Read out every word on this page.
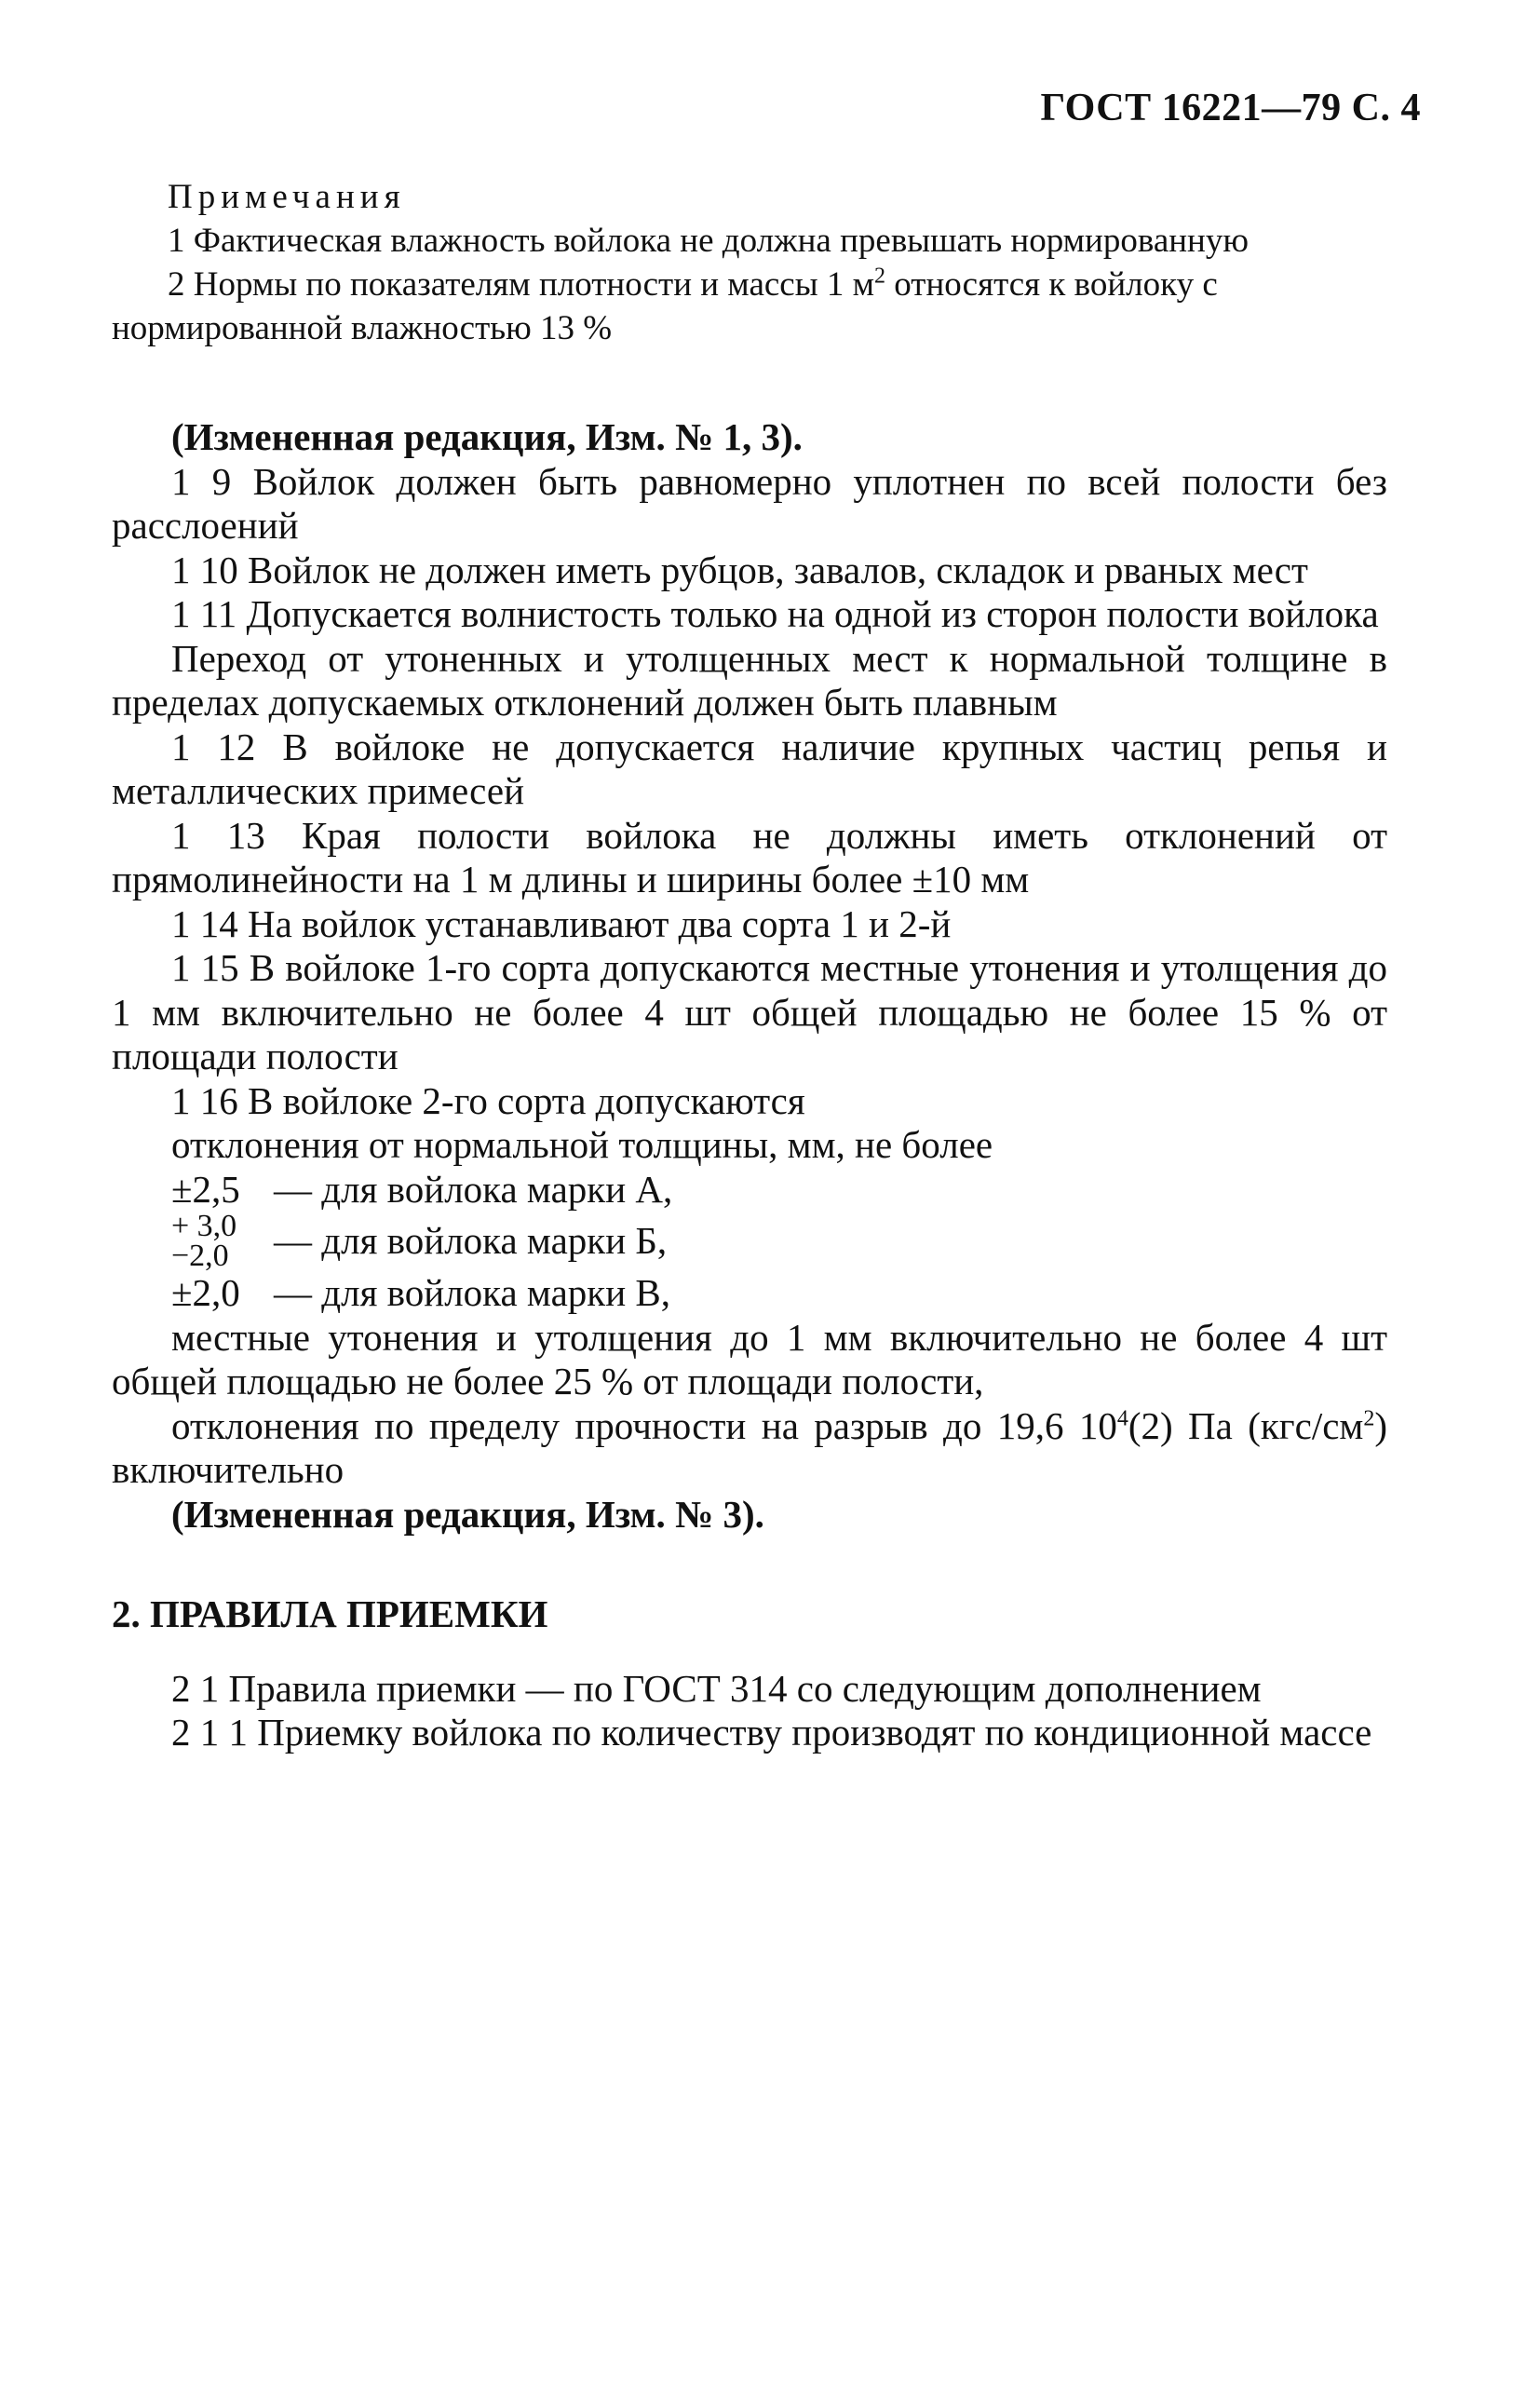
ГОСТ 16221—79 С. 4
Примечания

1 Фактическая влажность войлока не должна превышать нормированную

2 Нормы по показателям плотности и массы 1 $м^2$ относятся к войлоку с нормированной влажностью 13 %

(Измененная редакция, Изм. № 1, 3).

1 9 Войлок должен быть равномерно уплотнен по всей полости без расслоений

1 10 Войлок не должен иметь рубцов, завалов, складок и рваных мест

1 11 Допускается волнистость только на одной из сторон полости войлока

Переход от утоненных и утолщенных мест к нормальной толщине в пределах допускаемых отклонений должен быть плавным

1 12 В войлоке не допускается наличие крупных частиц репья и металлических примесей

1 13 Края полости войлока не должны иметь отклонений от прямолинейности на 1 м длины и ширины более ±10 мм

1 14 На войлок устанавливают два сорта 1 и 2-й

1 15 В войлоке 1-го сорта допускаются местные утонения и утолщения до 1 мм включительно не более 4 шт общей площадью не более 15 % от площади полости

1 16 В войлоке 2-го сорта допускаются

отклонения от нормальной толщины, мм, не более

±2,5 — для войлока марки А,
+ 3,0
−2,0	— для войлока марки Б,
±2,0 — для войлока марки В,

местные утонения и утолщения до 1 мм включительно не более 4 шт общей площадью не более 25 % от площади полости,

отклонения по пределу прочности на разрыв до 19,6 $10^4(2)$ Па $(кгс/см^2)$ включительно

(Измененная редакция, Изм. № 3).

2. ПРАВИЛА ПРИЕМКИ

2 1 Правила приемки — по ГОСТ 314 со следующим дополнением

2 1 1 Приемку войлока по количеству производят по кондиционной массе
